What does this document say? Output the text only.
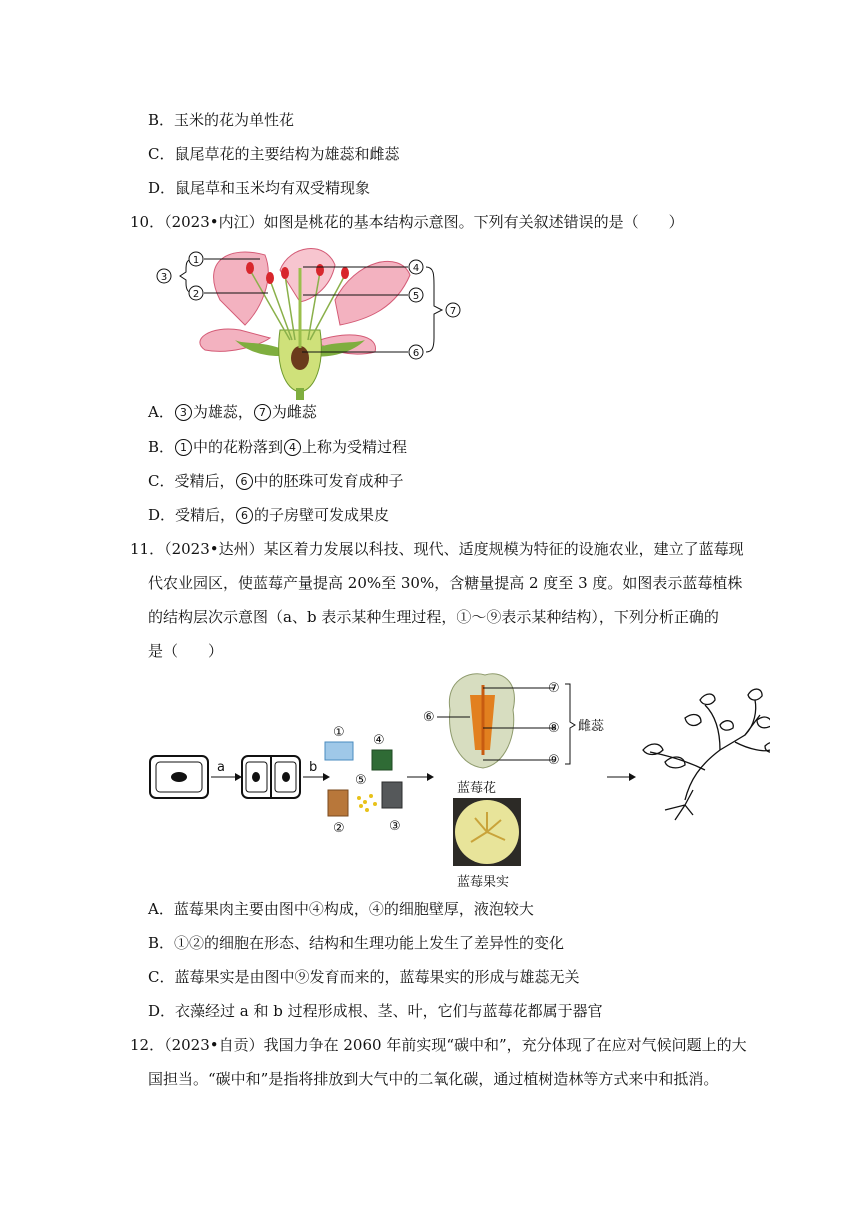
B．玉米的花为单性花
C．鼠尾草花的主要结构为雄蕊和雌蕊
D．鼠尾草和玉米均有双受精现象
10．（2023•内江）如图是桃花的基本结构示意图。下列有关叙述错误的是（　　）
1
2
3
4
5
6
7
A． 3 为雄蕊， 7 为雌蕊
B． 1 中的花粉落到 4 上称为受精过程
C．受精后， 6 中的胚珠可发育成种子
D．受精后， 6 的子房壁可发成果皮
11．（2023•达州）某区着力发展以科技、现代、适度规模为特征的设施农业，建立了蓝莓现
代农业园区，使蓝莓产量提高 20%至 30%，含糖量提高 2 度至 3 度。如图表示蓝莓植株
的结构层次示意图（a、b 表示某种生理过程，①～⑨表示某种结构），下列分析正确的
是（　　）
a	b
①
②	③
④
⑤
⑥
⑦
⑧
⑨
雌蕊
蓝莓花
蓝莓果实
A．蓝莓果肉主要由图中④构成，④的细胞壁厚，液泡较大
B．①②的细胞在形态、结构和生理功能上发生了差异性的变化
C．蓝莓果实是由图中⑨发育而来的，蓝莓果实的形成与雄蕊无关
D．衣藻经过 a 和 b 过程形成根、茎、叶，它们与蓝莓花都属于器官
12．（2023•自贡）我国力争在 2060 年前实现“碳中和”，充分体现了在应对气候问题上的大
国担当。“碳中和”是指将排放到大气中的二氧化碳，通过植树造林等方式来中和抵消。
